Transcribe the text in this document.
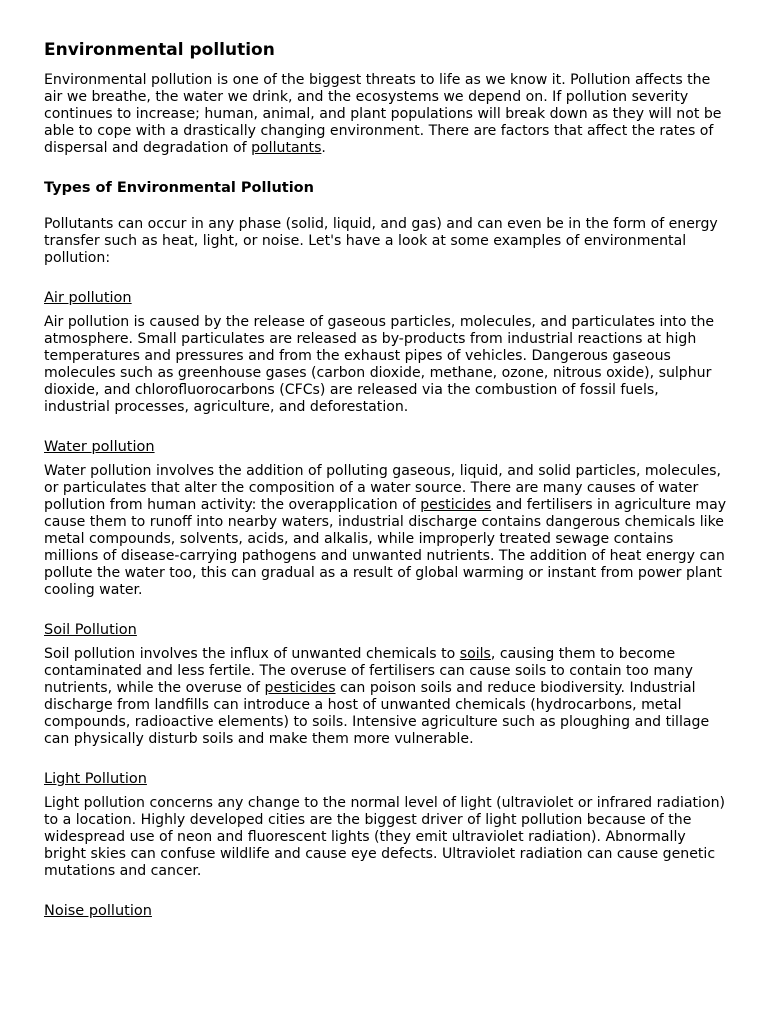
Environmental pollution

Environmental pollution is one of the biggest threats to life as we know it. Pollution affects the air we breathe, the water we drink, and the ecosystems we depend on. If pollution severity continues to increase; human, animal, and plant populations will break down as they will not be able to cope with a drastically changing environment. There are factors that affect the rates of dispersal and degradation of pollutants.

Types of Environmental Pollution

Pollutants can occur in any phase (solid, liquid, and gas) and can even be in the form of energy transfer such as heat, light, or noise. Let's have a look at some examples of environmental pollution:

Air pollution

Air pollution is caused by the release of gaseous particles, molecules, and particulates into the atmosphere. Small particulates are released as by-products from industrial reactions at high temperatures and pressures and from the exhaust pipes of vehicles. Dangerous gaseous molecules such as greenhouse gases (carbon dioxide, methane, ozone, nitrous oxide), sulphur dioxide, and chlorofluorocarbons (CFCs) are released via the combustion of fossil fuels, industrial processes, agriculture, and deforestation.

Water pollution

Water pollution involves the addition of polluting gaseous, liquid, and solid particles, molecules, or particulates that alter the composition of a water source. There are many causes of water pollution from human activity: the overapplication of pesticides and fertilisers in agriculture may cause them to runoff into nearby waters, industrial discharge contains dangerous chemicals like metal compounds, solvents, acids, and alkalis, while improperly treated sewage contains millions of disease-carrying pathogens and unwanted nutrients. The addition of heat energy can pollute the water too, this can gradual as a result of global warming or instant from power plant cooling water.

Soil Pollution

Soil pollution involves the influx of unwanted chemicals to soils, causing them to become contaminated and less fertile. The overuse of fertilisers can cause soils to contain too many nutrients, while the overuse of pesticides can poison soils and reduce biodiversity. Industrial discharge from landfills can introduce a host of unwanted chemicals (hydrocarbons, metal compounds, radioactive elements) to soils. Intensive agriculture such as ploughing and tillage can physically disturb soils and make them more vulnerable.

Light Pollution

Light pollution concerns any change to the normal level of light (ultraviolet or infrared radiation) to a location. Highly developed cities are the biggest driver of light pollution because of the widespread use of neon and fluorescent lights (they emit ultraviolet radiation). Abnormally bright skies can confuse wildlife and cause eye defects. Ultraviolet radiation can cause genetic mutations and cancer.

Noise pollution
